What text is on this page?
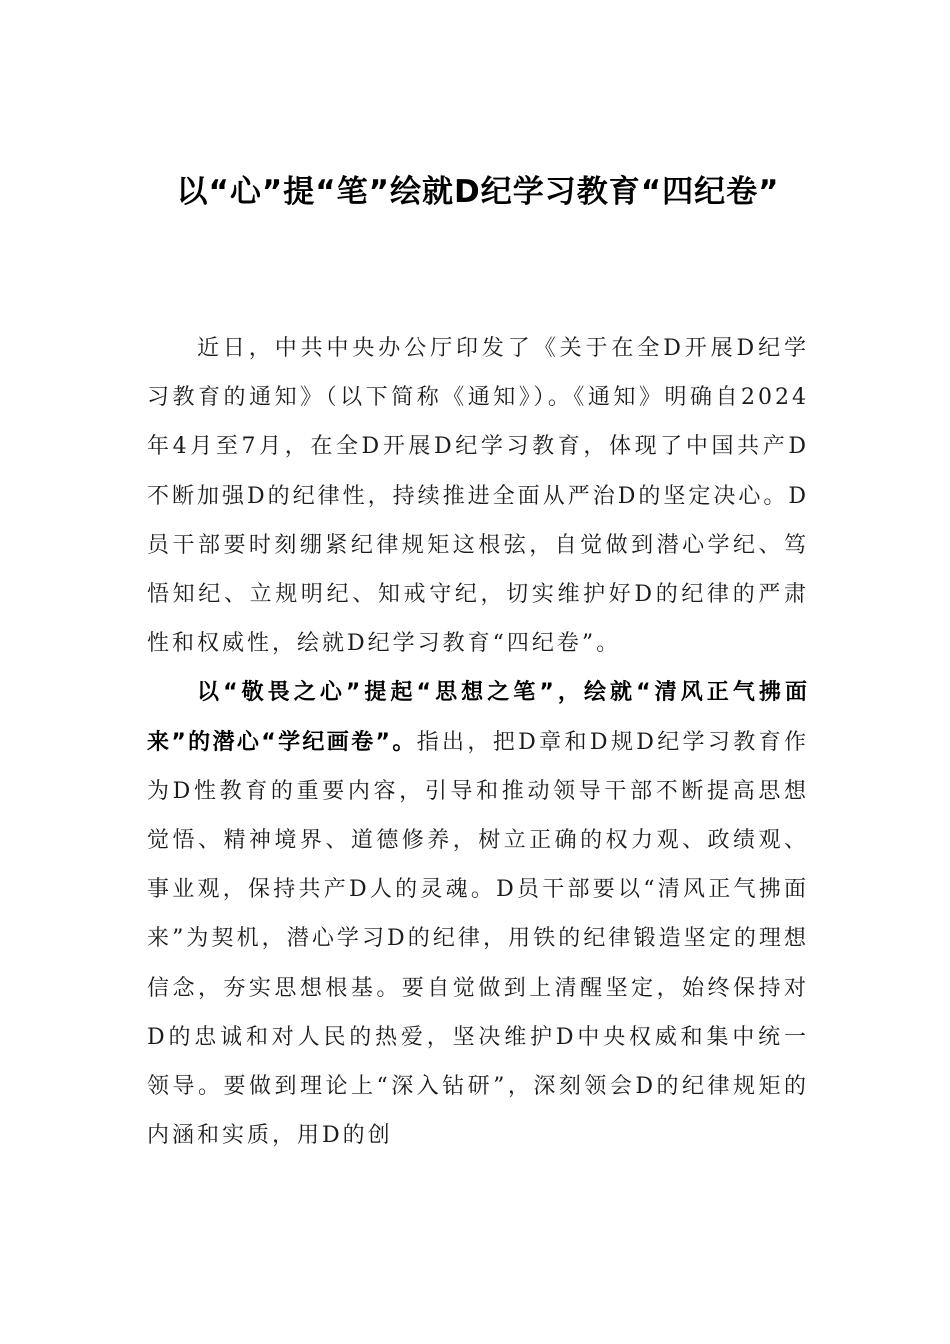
以“心”提“笔”绘就D纪学习教育“四纪卷”

近日，中共中央办公厅印发了《关于在全D开展D纪学习教育的通知》（以下简称《通知》）。《通知》明确自2024年4月至7月，在全D开展D纪学习教育，体现了中国共产D不断加强D的纪律性，持续推进全面从严治D的坚定决心。D员干部要时刻绷紧纪律规矩这根弦，自觉做到潜心学纪、笃悟知纪、立规明纪、知戒守纪，切实维护好D的纪律的严肃性和权威性，绘就D纪学习教育“四纪卷”。

以“敬畏之心”提起“思想之笔”，绘就“清风正气拂面来”的潜心“学纪画卷”。指出，把D章和D规D纪学习教育作为D性教育的重要内容，引导和推动领导干部不断提高思想觉悟、精神境界、道德修养，树立正确的权力观、政绩观、事业观，保持共产D人的灵魂。D员干部要以“清风正气拂面来”为契机，潜心学习D的纪律，用铁的纪律锻造坚定的理想信念，夯实思想根基。要自觉做到上清醒坚定，始终保持对D的忠诚和对人民的热爱，坚决维护D中央权威和集中统一领导。要做到理论上“深入钻研”，深刻领会D的纪律规矩的内涵和实质，用D的创
